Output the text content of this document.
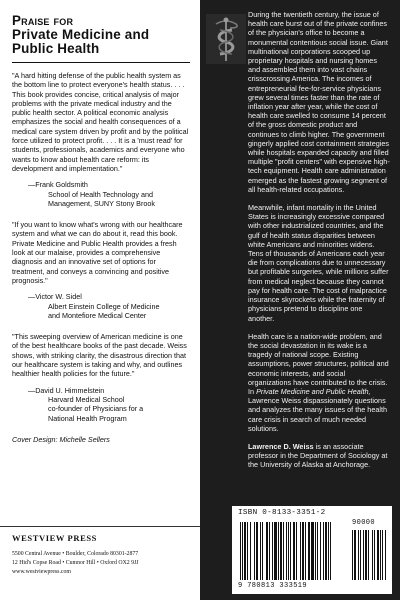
Praise for
Private Medicine and Public Health
"A hard hitting defense of the public health system as the bottom line to protect everyone's health status. . . . This book provides concise, critical analysis of major problems with the private medical industry and the public health sector. A political economic analysis emphasizes the social and health consequences of a medical care system driven by profit and by the political force utilized to protect profit. . . . It is a 'must read' for students, professionals, academics and everyone who wants to know about health care reform: its development and implementation."
—Frank Goldsmith
School of Health Technology and
Management, SUNY Stony Brook
"If you want to know what's wrong with our healthcare system and what we can do about it, read this book. Private Medicine and Public Health provides a fresh look at our malaise, provides a comprehensive diagnosis and an innovative set of options for treatment, and conveys a convincing and positive prognosis."
—Victor W. Sidel
Albert Einstein College of Medicine
and Montefiore Medical Center
"This sweeping overview of American medicine is one of the best healthcare books of the past decade. Weiss shows, with striking clarity, the disastrous direction that our healthcare system is taking and why, and outlines healthier health policies for the future."
—David U. Himmelstein
Harvard Medical School
co-founder of Physicians for a
National Health Program
Cover Design: Michelle Sellers
WESTVIEW PRESS
5500 Central Avenue • Boulder, Colorado 80301-2877
12 Hid's Copse Road • Cumnor Hill • Oxford OX2 9JJ
www.westviewpress.com

During the twentieth century, the issue of health care burst out of the private confines of the physician's office to become a monumental contentious social issue. Giant multinational corporations scooped up proprietary hospitals and nursing homes and assembled them into vast chains crisscrossing America. The incomes of entrepreneurial fee-for-service physicians grew several times faster than the rate of inflation year after year, while the cost of health care swelled to consume 14 percent of the gross domestic product and continues to climb higher. The government gingerly applied cost containment strategies while hospitals expanded capacity and filled multiple "profit centers" with expensive high-tech equipment. Health care administration emerged as the fastest growing segment of all health-related occupations.

Meanwhile, infant mortality in the United States is increasingly excessive compared with other industrialized countries, and the gulf of health status disparities between white Americans and minorities widens. Tens of thousands of Americans each year die from complications due to unnecessary but profitable surgeries, while millions suffer from medical neglect because they cannot pay for health care. The cost of malpractice insurance skyrockets while the fraternity of physicians pretend to discipline one another.

Health care is a nation-wide problem, and the social devastation in its wake is a tragedy of national scope. Existing assumptions, power structures, political and economic interests, and social organizations have contributed to the crisis. In Private Medicine and Public Health, Lawrence Weiss dispassionately questions and analyzes the many issues of the health care crisis in search of much needed solutions.

Lawrence D. Weiss is an associate professor in the Department of Sociology at the University of Alaska at Anchorage.

ISBN 0-8133-3351-2
90000
9 780813 333519
